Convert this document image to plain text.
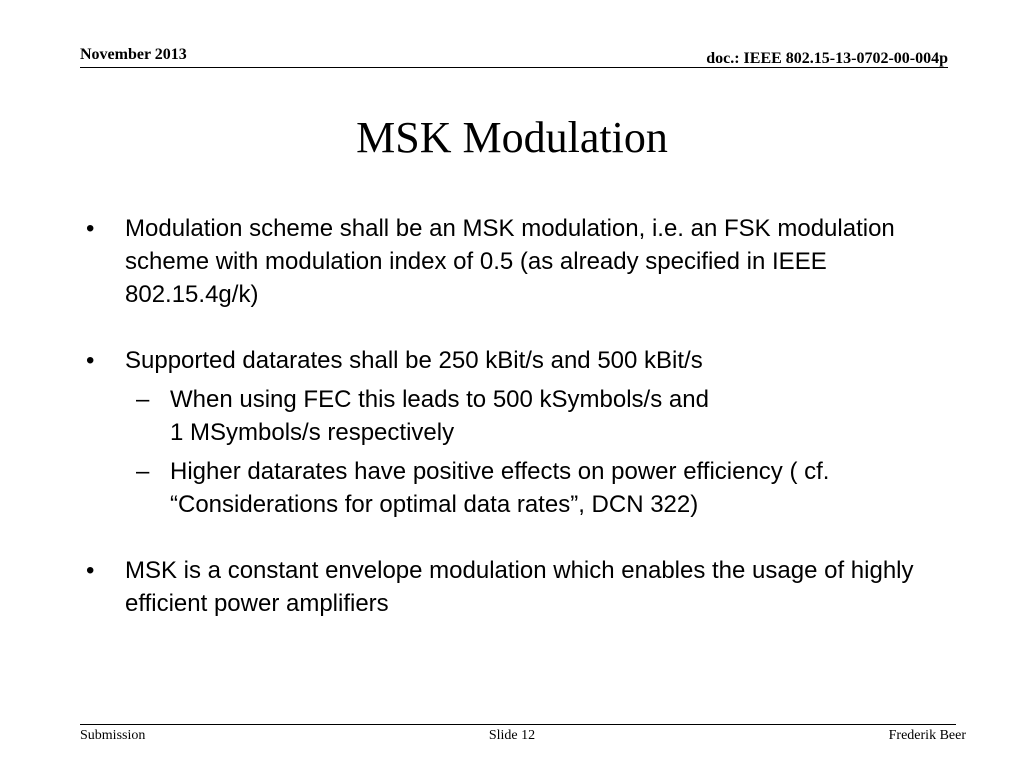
November 2013	doc.: IEEE 802.15-13-0702-00-004p
MSK Modulation
• Modulation scheme shall be an MSK modulation, i.e. an FSK modulation scheme with modulation index of 0.5 (as already specified in IEEE 802.15.4g/k)
• Supported datarates shall be 250 kBit/s and 500 kBit/s
– When using FEC this leads to 500 kSymbols/s and
1 MSymbols/s respectively
– Higher datarates have positive effects on power efficiency ( cf. “Considerations for optimal data rates”, DCN 322)
• MSK is a constant envelope modulation which enables the usage of highly efficient power amplifiers
Submission	Slide 12	Frederik Beer
